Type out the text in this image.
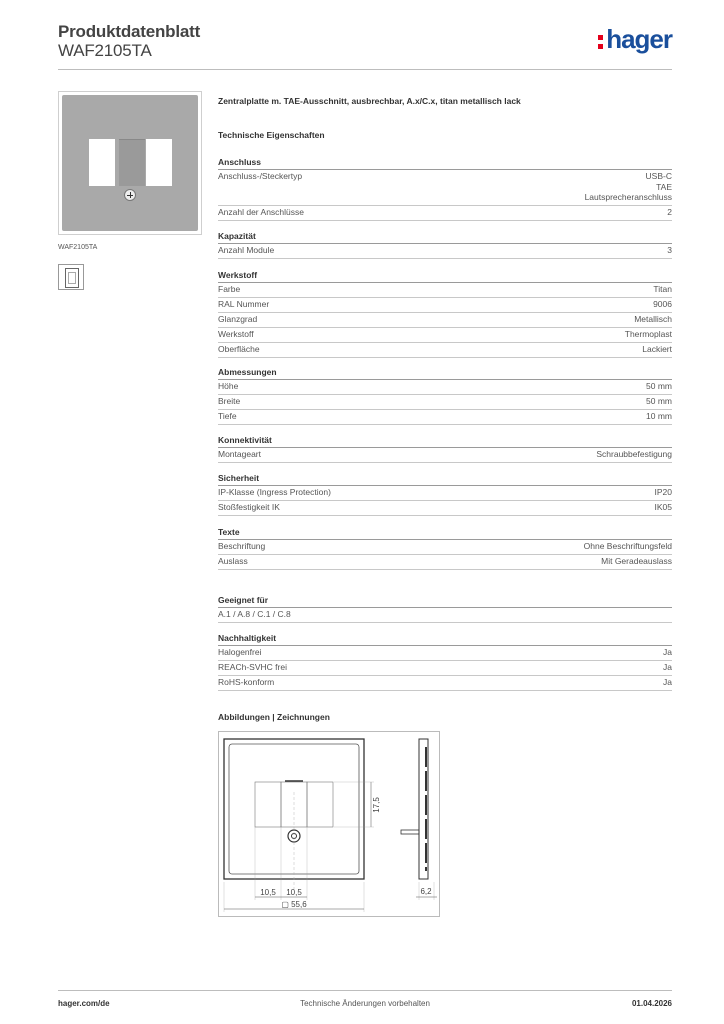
Produktdatenblatt
WAF2105TA	hager
WAF2105TA
Zentralplatte m. TAE-Ausschnitt, ausbrechbar, A.x/C.x, titan metallisch lack
Technische Eigenschaften
Anschluss
Anschluss-/Steckertyp	USB-C
TAE
Lautsprecheranschluss
Anzahl der Anschlüsse	2
Kapazität
Anzahl Module	3
Werkstoff
Farbe	Titan
RAL Nummer	9006
Glanzgrad	Metallisch
Werkstoff	Thermoplast
Oberfläche	Lackiert
Abmessungen
Höhe	50 mm
Breite	50 mm
Tiefe	10 mm
Konnektivität
Montageart	Schraubbefestigung
Sicherheit
IP-Klasse (Ingress Protection)	IP20
Stoßfestigkeit IK	IK05
Texte
Beschriftung	Ohne Beschriftungsfeld
Auslass	Mit Geradeauslass
Geeignet für
A.1 / A.8 / C.1 / C.8
Nachhaltigkeit
Halogenfrei	Ja
REACh-SVHC frei	Ja
RoHS-konform	Ja
Abbildungen | Zeichnungen
10,5 10,5
▢ 55,6
17,5
6,2
hager.com/de	Technische Änderungen vorbehalten	01.04.2026
